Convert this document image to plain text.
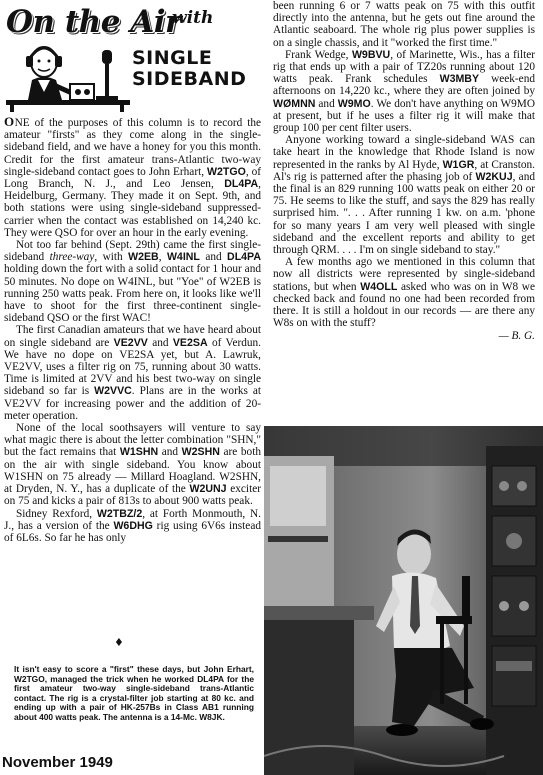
On the Air
with
SINGLE
SIDEBAND

ONE of the purposes of this column is to record the amateur "firsts" as they come along in the single-sideband field, and we have a honey for you this month. Credit for the first amateur trans-Atlantic two-way single-sideband contact goes to John Erhart, W2TGO, of Long Branch, N. J., and Leo Jensen, DL4PA, Heidelburg, Germany. They made it on Sept. 9th, and both stations were using single-sideband suppressed-carrier when the contact was established on 14,240 kc. They were QSO for over an hour in the early evening.

Not too far behind (Sept. 29th) came the first single-sideband three-way, with W2EB, W4INL and DL4PA holding down the fort with a solid contact for 1 hour and 50 minutes. No dope on W4INL, but "Yoe" of W2EB is running 250 watts peak. From here on, it looks like we'll have to shoot for the first three-continent single-sideband QSO or the first WAC!

The first Canadian amateurs that we have heard about on single sideband are VE2VV and VE2SA of Verdun. We have no dope on VE2SA yet, but A. Lawruk, VE2VV, uses a filter rig on 75, running about 30 watts. Time is limited at 2VV and his best two-way on single sideband so far is W2VVC. Plans are in the works at VE2VV for increasing power and the addition of 20-meter operation.

None of the local soothsayers will venture to say what magic there is about the letter combination "SHN," but the fact remains that W1SHN and W2SHN are both on the air with single sideband. You know about W1SHN on 75 already — Millard Hoagland. W2SHN, at Dryden, N. Y., has a duplicate of the W2UNJ exciter on 75 and kicks a pair of 813s to about 900 watts peak.

Sidney Rexford, W2TBZ/2, at Forth Monmouth, N. J., has a version of the W6DHG rig using 6V6s instead of 6L6s. So far he has only

been running 6 or 7 watts peak on 75 with this outfit directly into the antenna, but he gets out fine around the Atlantic seaboard. The whole rig plus power supplies is on a single chassis, and it "worked the first time."

Frank Wedge, W9BVU, of Marinette, Wis., has a filter rig that ends up with a pair of TZ20s running about 120 watts peak. Frank schedules W3MBY week-end afternoons on 14,220 kc., where they are often joined by WØMNN and W9MO. We don't have anything on W9MO at present, but if he uses a filter rig it will make that group 100 per cent filter users.

Anyone working toward a single-sideband WAS can take heart in the knowledge that Rhode Island is now represented in the ranks by Al Hyde, W1GR, at Cranston. Al's rig is patterned after the phasing job of W2KUJ, and the final is an 829 running 100 watts peak on either 20 or 75. He seems to like the stuff, and says the 829 has really surprised him. ". . . After running 1 kw. on a.m. 'phone for so many years I am very well pleased with single sideband and the excellent reports and ability to get through QRM. . . . I'm on single sideband to stay."

A few months ago we mentioned in this column that now all districts were represented by single-sideband stations, but when W4OLL asked who was on in W8 we checked back and found no one had been recorded from there. It is still a holdout in our records — are there any W8s on with the stuff?

— B. G.
♦
It isn't easy to score a "first" these days, but John Erhart, W2TGO, managed the trick when he worked DL4PA for the first amateur two-way single-sideband trans-Atlantic contact. The rig is a crystal-filter job starting at 80 kc. and ending up with a pair of HK-257Bs in Class AB1 running about 400 watts peak. The antenna is a 14-Mc. W8JK.
November 1949
